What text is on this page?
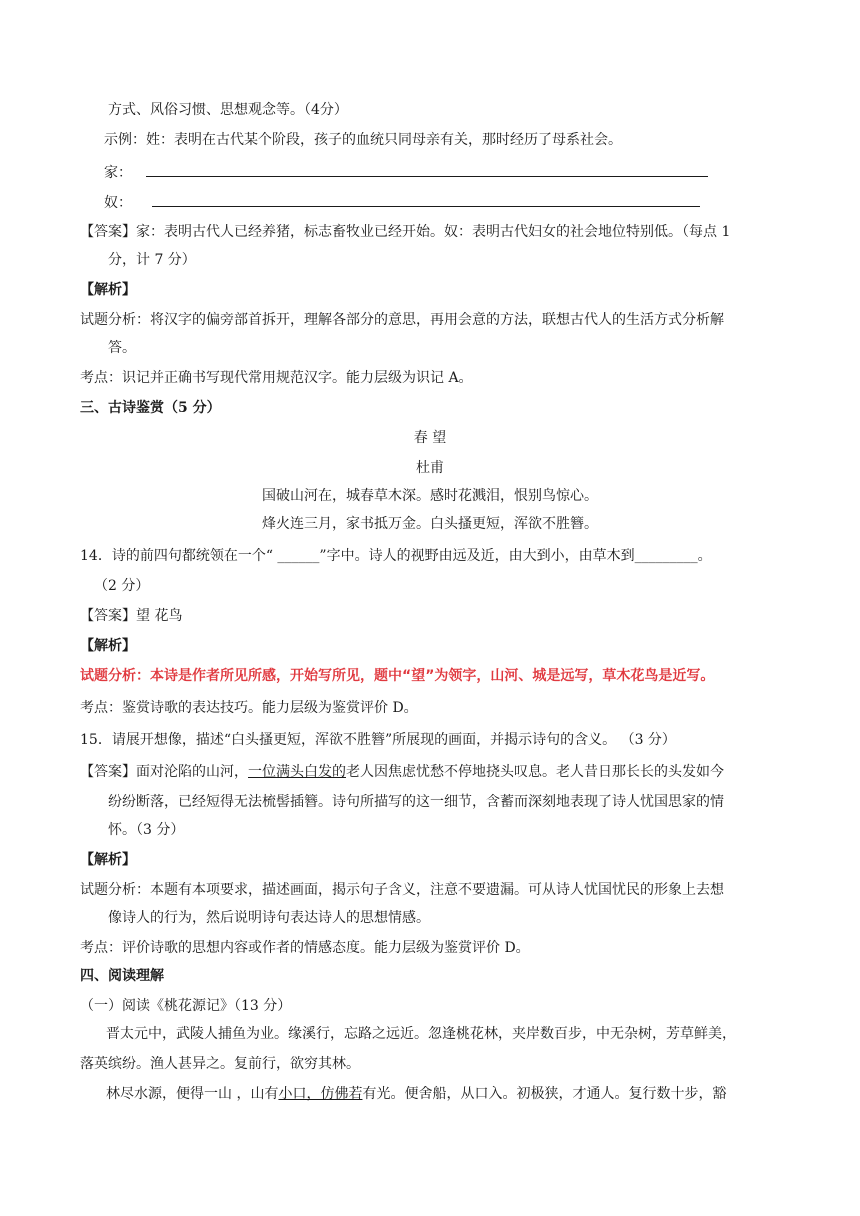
方式、风俗习惯、思想观念等。（4分）
示例：姓：表明在古代某个阶段，孩子的血统只同母亲有关，那时经历了母系社会。
家：
奴：
【答案】家：表明古代人已经养猪，标志畜牧业已经开始。奴：表明古代妇女的社会地位特别低。（每点 1
分，计 7 分）
【解析】
试题分析：将汉字的偏旁部首拆开，理解各部分的意思，再用会意的方法，联想古代人的生活方式分析解
答。
考点：识记并正确书写现代常用规范汉字。能力层级为识记 A。
三、古诗鉴赏（5 分）
春 望
杜甫
国破山河在，城春草木深。感时花溅泪，恨别鸟惊心。
烽火连三月，家书抵万金。白头搔更短，浑欲不胜簪。
14．诗的前四句都统领在一个“ ______”字中。诗人的视野由远及近，由大到小，由草木到_________。
（2 分）
【答案】望 花鸟
【解析】
试题分析：本诗是作者所见所感，开始写所见，题中“望”为领字，山河、城是远写，草木花鸟是近写。
考点：鉴赏诗歌的表达技巧。能力层级为鉴赏评价 D。
15．请展开想像，描述“白头搔更短，浑欲不胜簪”所展现的画面，并揭示诗句的含义。 （3 分）
【答案】面对沦陷的山河，一位满头白发的老人因焦虑忧愁不停地挠头叹息。老人昔日那长长的头发如今
纷纷断落，已经短得无法梳髻插簪。诗句所描写的这一细节，含蓄而深刻地表现了诗人忧国思家的情
怀。（3 分）
【解析】
试题分析：本题有本项要求，描述画面，揭示句子含义，注意不要遗漏。可从诗人忧国忧民的形象上去想
像诗人的行为，然后说明诗句表达诗人的思想情感。
考点：评价诗歌的思想内容或作者的情感态度。能力层级为鉴赏评价 D。
四、阅读理解
（一）阅读《桃花源记》（13 分）
晋太元中，武陵人捕鱼为业。缘溪行，忘路之远近。忽逢桃花林，夹岸数百步，中无杂树，芳草鲜美，
落英缤纷。渔人甚异之。复前行，欲穷其林。
林尽水源，便得一山 ，山有小口，仿佛若有光。便舍船，从口入。初极狭，才通人。复行数十步，豁
